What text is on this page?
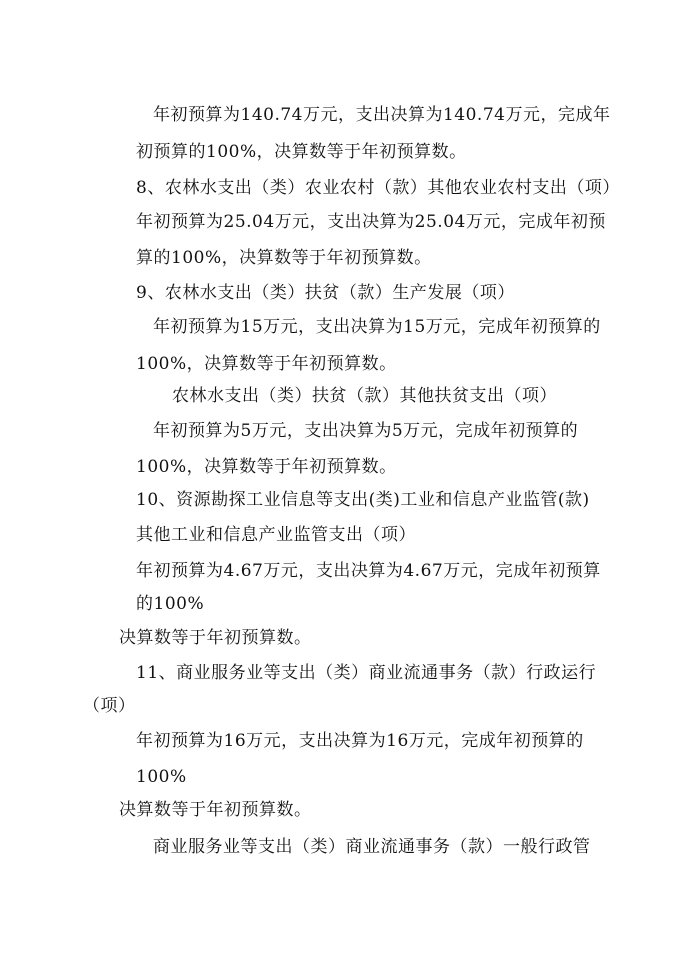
年初预算为140.74万元，支出决算为140.74万元，完成年
初预算的100%，决算数等于年初预算数。
8、农林水支出（类）农业农村（款）其他农业农村支出（项）
年初预算为25.04万元，支出决算为25.04万元，完成年初预
算的100%，决算数等于年初预算数。
9、农林水支出（类）扶贫（款）生产发展（项）
年初预算为15万元，支出决算为15万元，完成年初预算的
100%，决算数等于年初预算数。
农林水支出（类）扶贫（款）其他扶贫支出（项）
年初预算为5万元，支出决算为5万元，完成年初预算的
100%，决算数等于年初预算数。
10、资源勘探工业信息等支出(类)工业和信息产业监管(款)
其他工业和信息产业监管支出（项）
年初预算为4.67万元，支出决算为4.67万元，完成年初预算
的100%
决算数等于年初预算数。
11、商业服务业等支出（类）商业流通事务（款）行政运行
（项）
年初预算为16万元，支出决算为16万元，完成年初预算的
100%
决算数等于年初预算数。
商业服务业等支出（类）商业流通事务（款）一般行政管
